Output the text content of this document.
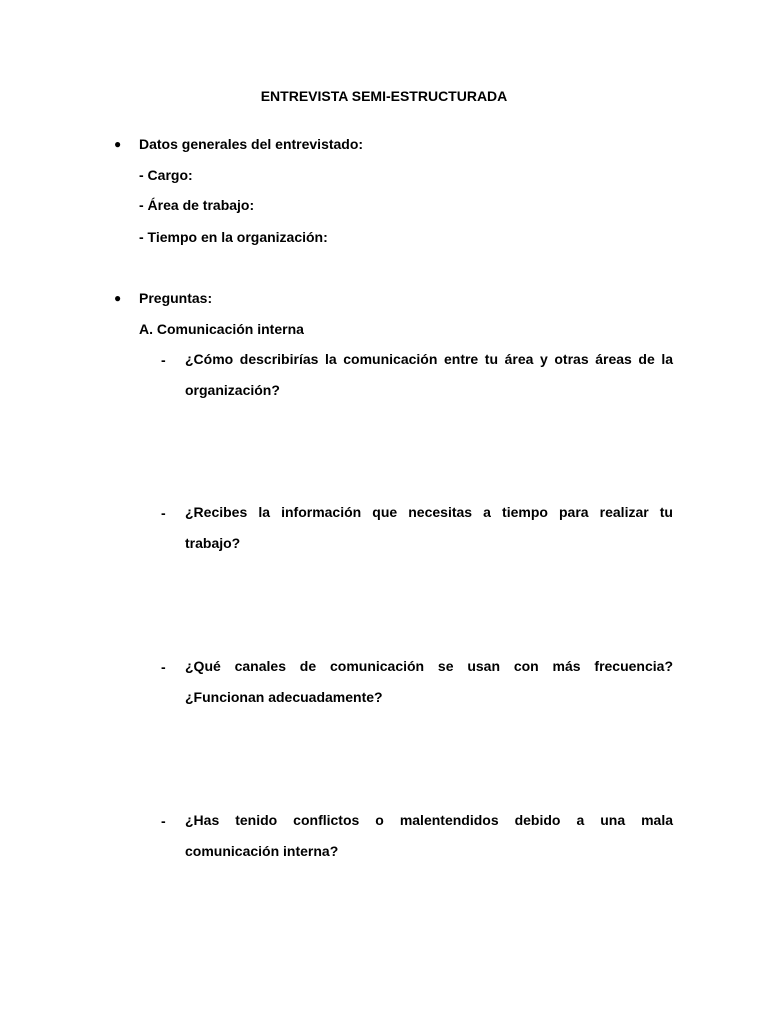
ENTREVISTA SEMI-ESTRUCTURADA
● Datos generales del entrevistado:
- Cargo:
- Área de trabajo:
- Tiempo en la organización:
● Preguntas:
A. Comunicación interna
- ¿Cómo describirías la comunicación entre tu área y otras áreas de la
organización?
- ¿Recibes la información que necesitas a tiempo para realizar tu
trabajo?
- ¿Qué canales de comunicación se usan con más frecuencia?
¿Funcionan adecuadamente?
- ¿Has tenido conflictos o malentendidos debido a una mala
comunicación interna?
